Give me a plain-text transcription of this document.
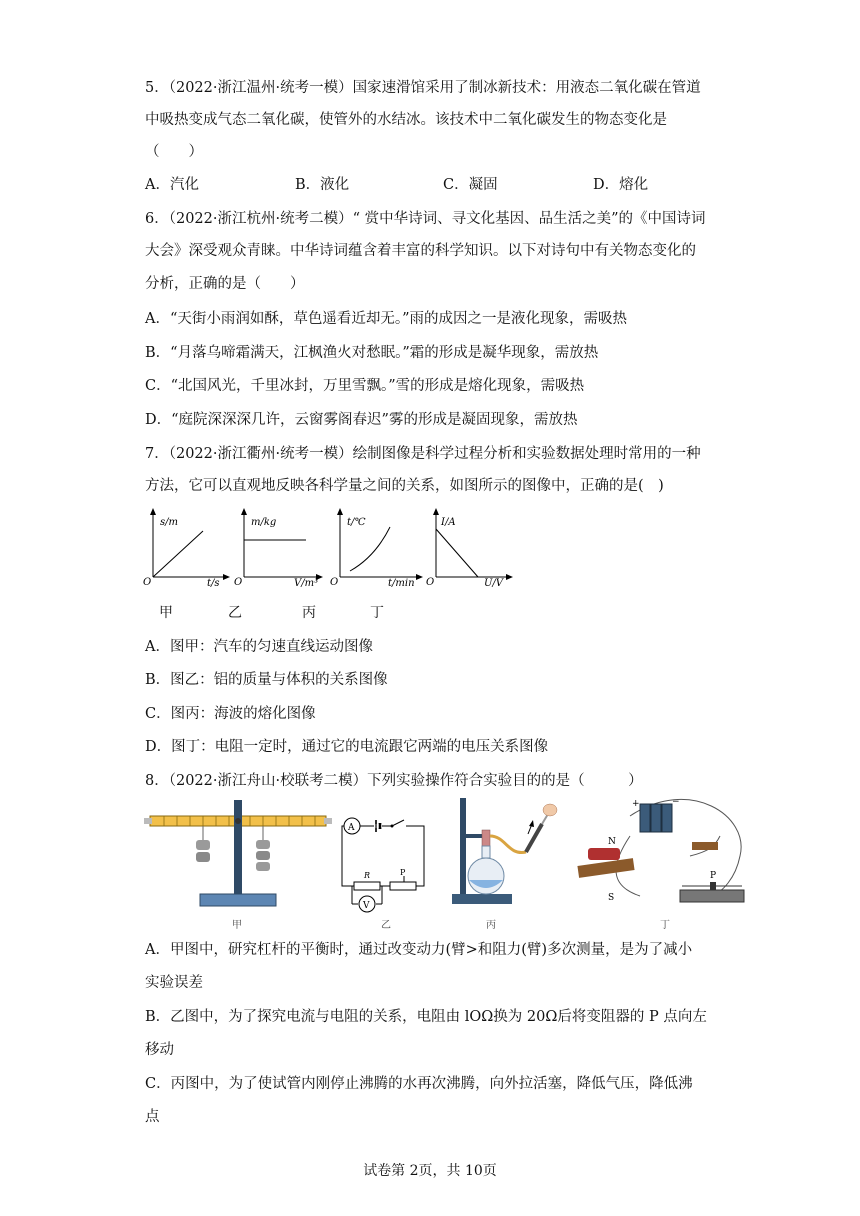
5．（2022·浙江温州·统考一模）国家速滑馆采用了制冰新技术：用液态二氧化碳在管道
中吸热变成气态二氧化碳，使管外的水结冰。该技术中二氧化碳发生的物态变化是
（　　）
A．汽化	B．液化	C．凝固	D．熔化
6．（2022·浙江杭州·统考二模）“ 赏中华诗词、寻文化基因、品生活之美”的《中国诗词
大会》深受观众青睐。中华诗词蕴含着丰富的科学知识。以下对诗句中有关物态变化的
分析，正确的是（　　）
A．“天街小雨润如酥，草色遥看近却无。”雨的成因之一是液化现象，需吸热
B．“月落乌啼霜满天，江枫渔火对愁眠。”霜的形成是凝华现象，需放热
C．“北国风光，千里冰封，万里雪飘。”雪的形成是熔化现象，需吸热
D．“庭院深深深几许，云窗雾阁春迟”雾的形成是凝固现象，需放热
7．（2022·浙江衢州·统考一模）绘制图像是科学过程分析和实验数据处理时常用的一种
方法，它可以直观地反映各科学量之间的关系，如图所示的图像中，正确的是(　)
s/m
t/s
O
m/kg
V/m³
O
t/℃
t/min
O
I/A
U/V
O
甲	乙	丙	丁
A．图甲：汽车的匀速直线运动图像
B．图乙：铝的质量与体积的关系图像
C．图丙：海波的熔化图像
D．图丁：电阻一定时，通过它的电流跟它两端的电压关系图像
8．（2022·浙江舟山·校联考二模）下列实验操作符合实验目的的是（　　　）
甲
A
R	P
V
乙	丙
+	−
N
S
P
丁
A．甲图中，研究杠杆的平衡时，通过改变动力(臂>和阻力(臂)多次测量，是为了减小
实验误差
B．乙图中，为了探究电流与电阻的关系，电阻由 lOΩ换为 20Ω后将变阻器的 P 点向左
移动
C．丙图中，为了使试管内刚停止沸腾的水再次沸腾，向外拉活塞，降低气压，降低沸
点
试卷第 2页，共 10页
